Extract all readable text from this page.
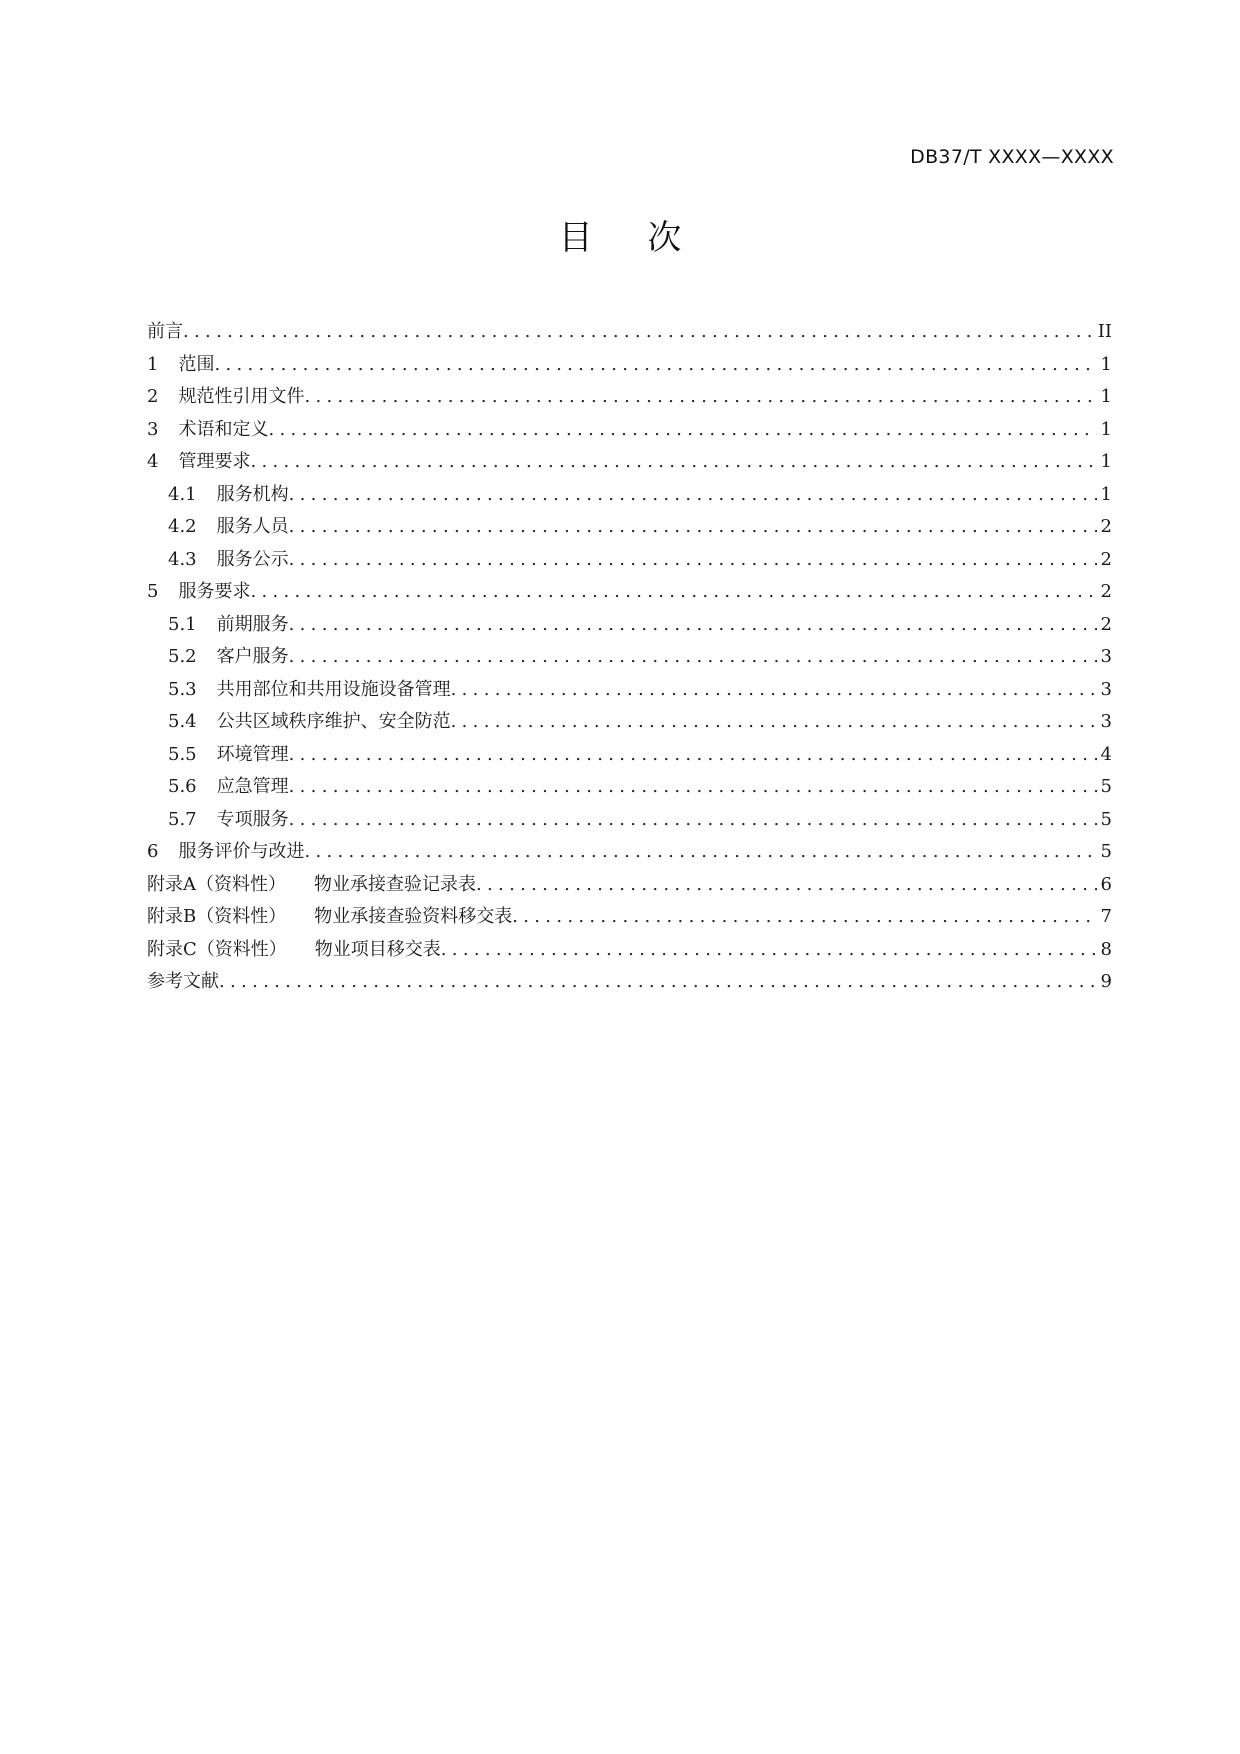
DB37/T XXXX—XXXX
目 次
前言 .....	II
1 范围 .....	1
2 规范性引用文件 .....	1
3 术语和定义 .....	1
4 管理要求 .....	1
4.1 服务机构 .....	1
4.2 服务人员 .....	2
4.3 服务公示 .....	2
5 服务要求 .....	2
5.1 前期服务 .....	2
5.2 客户服务 .....	3
5.3 共用部位和共用设施设备管理 .....	3
5.4 公共区域秩序维护、安全防范 .....	3
5.5 环境管理 .....	4
5.6 应急管理 .....	5
5.7 专项服务 .....	5
6 服务评价与改进 .....	5
附录A（资料性） 物业承接查验记录表 .....	6
附录B（资料性） 物业承接查验资料移交表 .....	7
附录C（资料性） 物业项目移交表 .....	8
参考文献 .....	9
